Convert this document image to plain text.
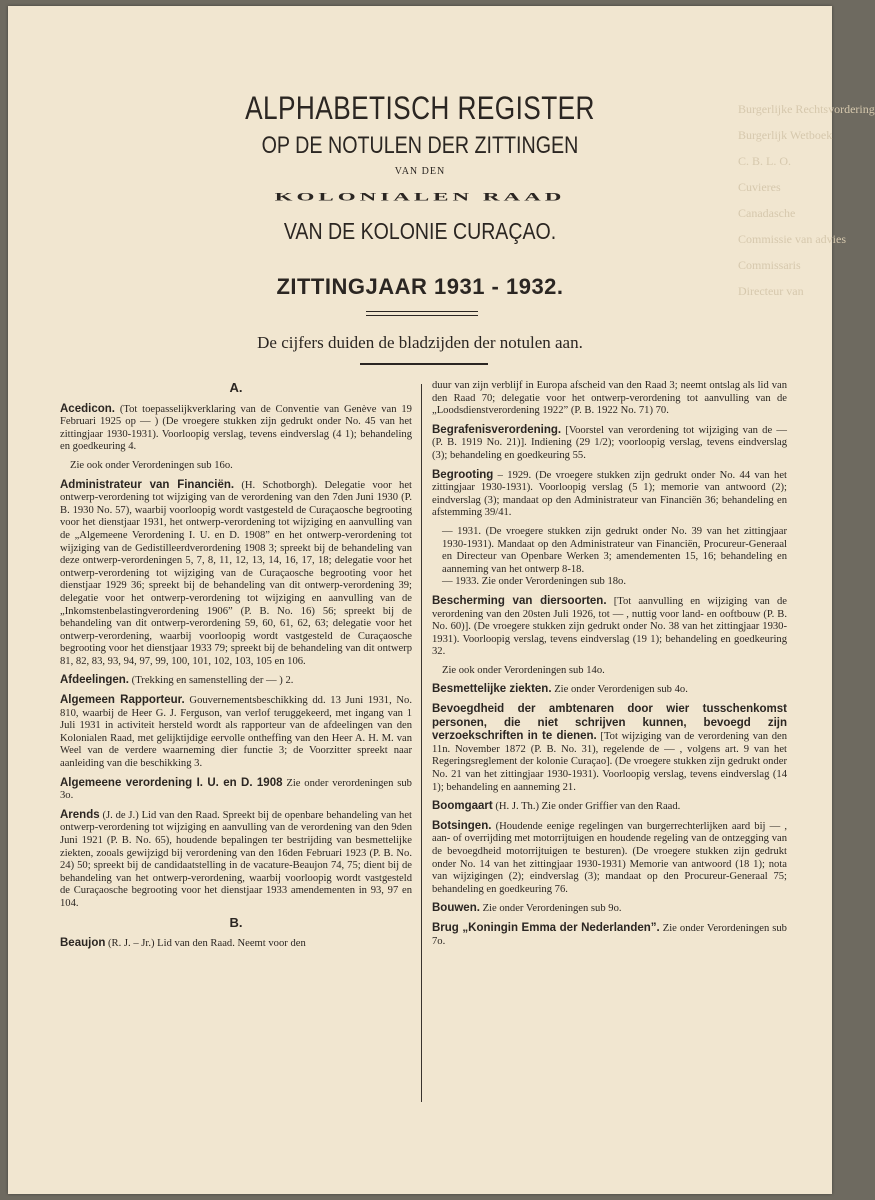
Burgerlijke Rechtsvordering
Burgerlijk Wetboek
C. B. L. O.
Cuvieres
Canadasche
Commissie van advies
Commissaris
Directeur van
ALPHABETISCH REGISTER
OP DE NOTULEN DER ZITTINGEN
VAN DEN
KOLONIALEN RAAD
VAN DE KOLONIE CURAÇAO.
ZITTINGJAAR 1931 - 1932.
De cijfers duiden de bladzijden der notulen aan.
A.

Acedicon. (Tot toepasselijkverklaring van de Conventie van Genève van 19 Februari 1925 op — ) (De vroegere stukken zijn gedrukt onder No. 45 van het zittingjaar 1930-1931). Voorloopig verslag, tevens eindverslag (4 1); behandeling en goedkeuring 4.

Zie ook onder Verordeningen sub 16o.

Administrateur van Financiën. (H. Schotborgh). Delegatie voor het ontwerp-verordening tot wijziging van de verordening van den 7den Juni 1930 (P. B. 1930 No. 57), waarbij voorloopig wordt vastgesteld de Curaçaosche begrooting voor het dienstjaar 1931, het ontwerp-verordening tot wijziging en aanvulling van de „Algemeene Verordening I. U. en D. 1908” en het ontwerp-verordening tot wijziging van de Gedistilleerdverordening 1908 3; spreekt bij de behandeling van deze ontwerp-verordeningen 5, 7, 8, 11, 12, 13, 14, 16, 17, 18; delegatie voor het ontwerp-verordening tot wijziging van de Curaçaosche begrooting voor het dienstjaar 1929 36; spreekt bij de behandeling van dit ontwerp-verordening 39; delegatie voor het ontwerp-verordening tot wijziging en aanvulling van de „Inkomstenbelastingverordening 1906” (P. B. No. 16) 56; spreekt bij de behandeling van dit ontwerp-verordening 59, 60, 61, 62, 63; delegatie voor het ontwerp-verordening, waarbij voorloopig wordt vastgesteld de Curaçaosche begrooting voor het dienstjaar 1933 79; spreekt bij de behandeling van dit ontwerp 81, 82, 83, 93, 94, 97, 99, 100, 101, 102, 103, 105 en 106.

Afdeelingen. (Trekking en samenstelling der — ) 2.

Algemeen Rapporteur. Gouvernementsbeschikking dd. 13 Juni 1931, No. 810, waarbij de Heer G. J. Ferguson, van verlof teruggekeerd, met ingang van 1 Juli 1931 in activiteit hersteld wordt als rapporteur van de afdeelingen van den Kolonialen Raad, met gelijktijdige eervolle ontheffing van den Heer A. H. M. van Weel van de verdere waarneming dier functie 3; de Voorzitter spreekt naar aanleiding van die beschikking 3.

Algemeene verordening I. U. en D. 1908 Zie onder verordeningen sub 3o.

Arends (J. de J.) Lid van den Raad. Spreekt bij de openbare behandeling van het ontwerp-verordening tot wijziging en aanvulling van de verordening van den 9den Juni 1921 (P. B. No. 65), houdende bepalingen ter bestrijding van besmettelijke ziekten, zooals gewijzigd bij verordening van den 16den Februari 1923 (P. B. No. 24) 50; spreekt bij de candidaatstelling in de vacature-Beaujon 74, 75; dient bij de behandeling van het ontwerp-verordening, waarbij voorloopig wordt vastgesteld de Curaçaosche begrooting voor het dienstjaar 1933 amendementen in 93, 97 en 104.

B.

Beaujon (R. J. – Jr.) Lid van den Raad. Neemt voor den

duur van zijn verblijf in Europa afscheid van den Raad 3; neemt ontslag als lid van den Raad 70; delegatie voor het ontwerp-verordening tot aanvulling van de „Loodsdienstverordening 1922” (P. B. 1922 No. 71) 70.

Begrafenisverordening. [Voorstel van verordening tot wijziging van de — (P. B. 1919 No. 21)]. Indiening (29 1/2); voorloopig verslag, tevens eindverslag (3); behandeling en goedkeuring 55.

Begrooting – 1929. (De vroegere stukken zijn gedrukt onder No. 44 van het zittingjaar 1930-1931). Voorloopig verslag (5 1); memorie van antwoord (2); eindverslag (3); mandaat op den Administrateur van Financiën 36; behandeling en afstemming 39/41.

— 1931. (De vroegere stukken zijn gedrukt onder No. 39 van het zittingjaar 1930-1931). Mandaat op den Administrateur van Financiën, Procureur-Generaal en Directeur van Openbare Werken 3; amendementen 15, 16; behandeling en aanneming van het ontwerp 8-18.

— 1933. Zie onder Verordeningen sub 18o.

Bescherming van diersoorten. [Tot aanvulling en wijziging van de verordening van den 20sten Juli 1926, tot — , nuttig voor land- en ooftbouw (P. B. No. 60)]. (De vroegere stukken zijn gedrukt onder No. 38 van het zittingjaar 1930-1931). Voorloopig verslag, tevens eindverslag (19 1); behandeling en goedkeuring 32.

Zie ook onder Verordeningen sub 14o.

Besmettelijke ziekten. Zie onder Verordenigen sub 4o.

Bevoegdheid der ambtenaren door wier tusschenkomst personen, die niet schrijven kunnen, bevoegd zijn verzoekschriften in te dienen. [Tot wijziging van de verordening van den 11n. November 1872 (P. B. No. 31), regelende de — , volgens art. 9 van het Regeringsreglement der kolonie Curaçao]. (De vroegere stukken zijn gedrukt onder No. 21 van het zittingjaar 1930-1931). Voorloopig verslag, tevens eindverslag (14 1); behandeling en aanneming 21.

Boomgaart (H. J. Th.) Zie onder Griffier van den Raad.

Botsingen. (Houdende eenige regelingen van burgerrechterlijken aard bij — , aan- of overrijding met motorrijtuigen en houdende regeling van de ontzegging van de bevoegdheid motorrijtuigen te besturen). (De vroegere stukken zijn gedrukt onder No. 14 van het zittingjaar 1930-1931) Memorie van antwoord (18 1); nota van wijzigingen (2); eindverslag (3); mandaat op den Procureur-Generaal 75; behandeling en goedkeuring 76.

Bouwen. Zie onder Verordeningen sub 9o.

Brug „Koningin Emma der Nederlanden”. Zie onder Verordeningen sub 7o.
